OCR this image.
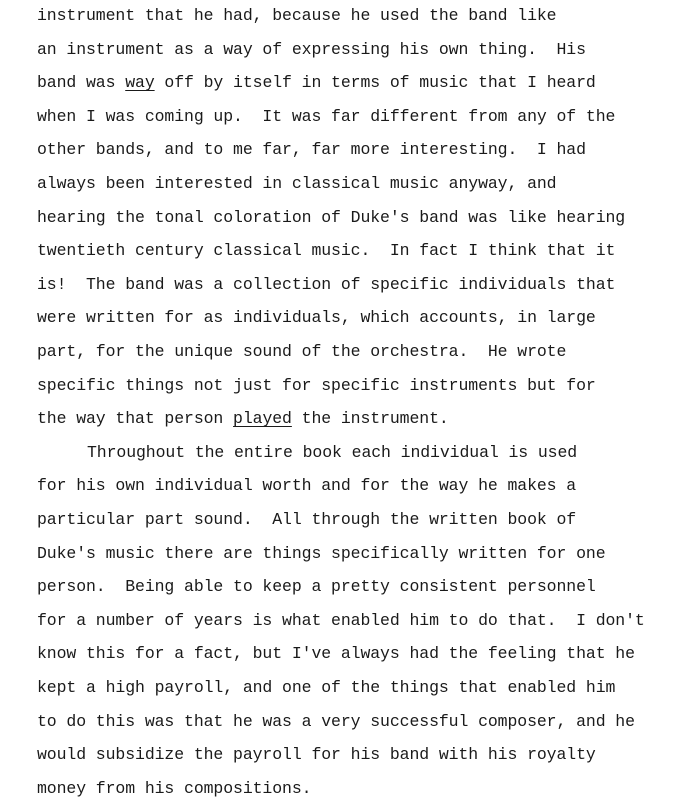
instrument that he had, because he used the band like
an instrument as a way of expressing his own thing.  His
band was way off by itself in terms of music that I heard
when I was coming up.  It was far different from any of the
other bands, and to me far, far more interesting.  I had
always been interested in classical music anyway, and
hearing the tonal coloration of Duke's band was like hearing
twentieth century classical music.  In fact I think that it
is!  The band was a collection of specific individuals that
were written for as individuals, which accounts, in large
part, for the unique sound of the orchestra.  He wrote
specific things not just for specific instruments but for
the way that person played the instrument.
Throughout the entire book each individual is used
for his own individual worth and for the way he makes a
particular part sound.  All through the written book of
Duke's music there are things specifically written for one
person.  Being able to keep a pretty consistent personnel
for a number of years is what enabled him to do that.  I don't
know this for a fact, but I've always had the feeling that he
kept a high payroll, and one of the things that enabled him
to do this was that he was a very successful composer, and he
would subsidize the payroll for his band with his royalty
money from his compositions.
